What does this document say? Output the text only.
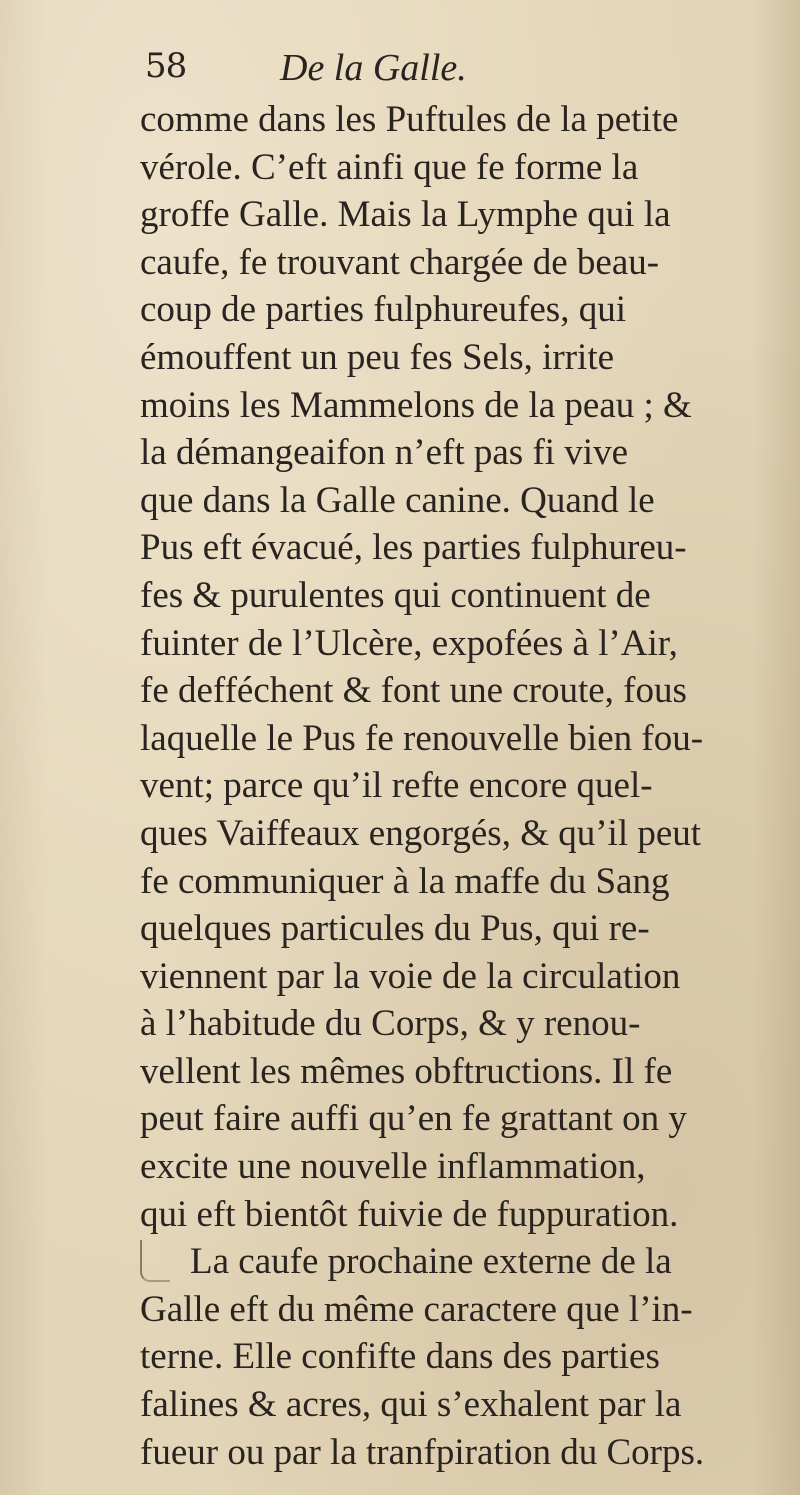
58 De la Galle.
comme dans les Puftules de la petite
vérole. C’eft ainfi que fe forme la
groffe Galle. Mais la Lymphe qui la
caufe, fe trouvant chargée de beau-
coup de parties fulphureufes, qui
émouffent un peu fes Sels, irrite
moins les Mammelons de la peau ; &
la démangeaifon n’eft pas fi vive
que dans la Galle canine. Quand le
Pus eft évacué, les parties fulphureu-
fes & purulentes qui continuent de
fuinter de l’Ulcère, expofées à l’Air,
fe defféchent & font une croute, fous
laquelle le Pus fe renouvelle bien fou-
vent; parce qu’il refte encore quel-
ques Vaiffeaux engorgés, & qu’il peut
fe communiquer à la maffe du Sang
quelques particules du Pus, qui re-
viennent par la voie de la circulation
à l’habitude du Corps, & y renou-
vellent les mêmes obftructions. Il fe
peut faire auffi qu’en fe grattant on y
excite une nouvelle inflammation,
qui eft bientôt fuivie de fuppuration.
La caufe prochaine externe de la
Galle eft du même caractere que l’in-
terne. Elle confifte dans des parties
falines & acres, qui s’exhalent par la
fueur ou par la tranfpiration du Corps.
